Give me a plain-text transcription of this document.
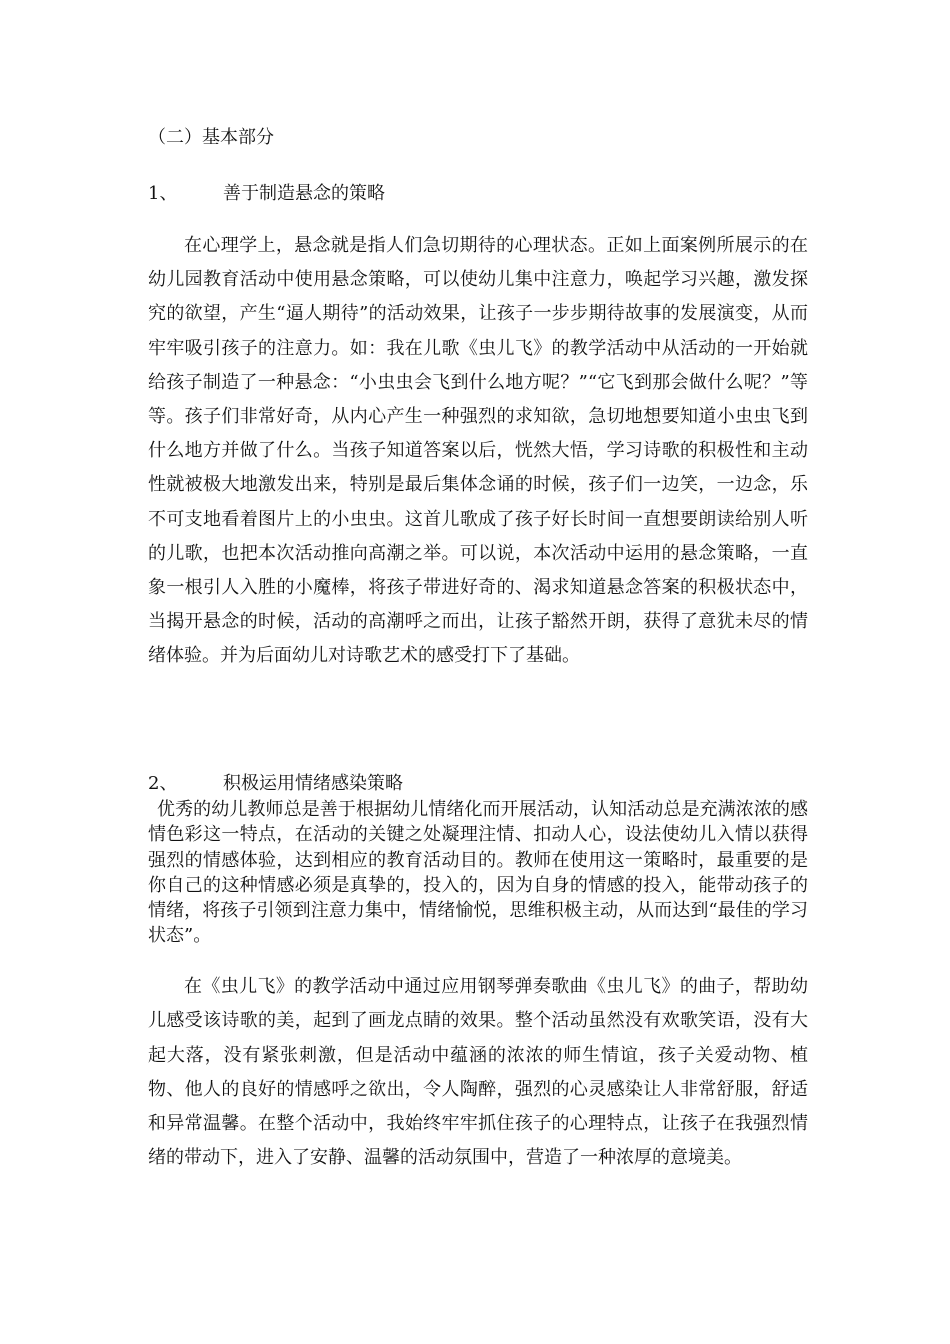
（二）基本部分
1、	善于制造悬念的策略

在心理学上，悬念就是指人们急切期待的心理状态。正如上面案例所展示的在幼儿园教育活动中使用悬念策略，可以使幼儿集中注意力，唤起学习兴趣，激发探究的欲望，产生“逼人期待”的活动效果，让孩子一步步期待故事的发展演变，从而牢牢吸引孩子的注意力。如：我在儿歌《虫儿飞》的教学活动中从活动的一开始就给孩子制造了一种悬念：“小虫虫会飞到什么地方呢？”“它飞到那会做什么呢？”等等。孩子们非常好奇，从内心产生一种强烈的求知欲，急切地想要知道小虫虫飞到什么地方并做了什么。当孩子知道答案以后，恍然大悟，学习诗歌的积极性和主动性就被极大地激发出来，特别是最后集体念诵的时候，孩子们一边笑，一边念，乐不可支地看着图片上的小虫虫。这首儿歌成了孩子好长时间一直想要朗读给别人听的儿歌，也把本次活动推向高潮之举。可以说，本次活动中运用的悬念策略，一直象一根引人入胜的小魔棒，将孩子带进好奇的、渴求知道悬念答案的积极状态中，当揭开悬念的时候，活动的高潮呼之而出，让孩子豁然开朗，获得了意犹未尽的情绪体验。并为后面幼儿对诗歌艺术的感受打下了基础。

2、	积极运用情绪感染策略

优秀的幼儿教师总是善于根据幼儿情绪化而开展活动，认知活动总是充满浓浓的感情色彩这一特点，在活动的关键之处凝理注情、扣动人心，设法使幼儿入情以获得强烈的情感体验，达到相应的教育活动目的。教师在使用这一策略时，最重要的是你自己的这种情感必须是真挚的，投入的，因为自身的情感的投入，能带动孩子的情绪，将孩子引领到注意力集中，情绪愉悦，思维积极主动，从而达到“最佳的学习状态”。

在《虫儿飞》的教学活动中通过应用钢琴弹奏歌曲《虫儿飞》的曲子，帮助幼儿感受该诗歌的美，起到了画龙点睛的效果。整个活动虽然没有欢歌笑语，没有大起大落，没有紧张刺激，但是活动中蕴涵的浓浓的师生情谊，孩子关爱动物、植物、他人的良好的情感呼之欲出，令人陶醉，强烈的心灵感染让人非常舒服，舒适和异常温馨。在整个活动中，我始终牢牢抓住孩子的心理特点，让孩子在我强烈情绪的带动下，进入了安静、温馨的活动氛围中，营造了一种浓厚的意境美。
